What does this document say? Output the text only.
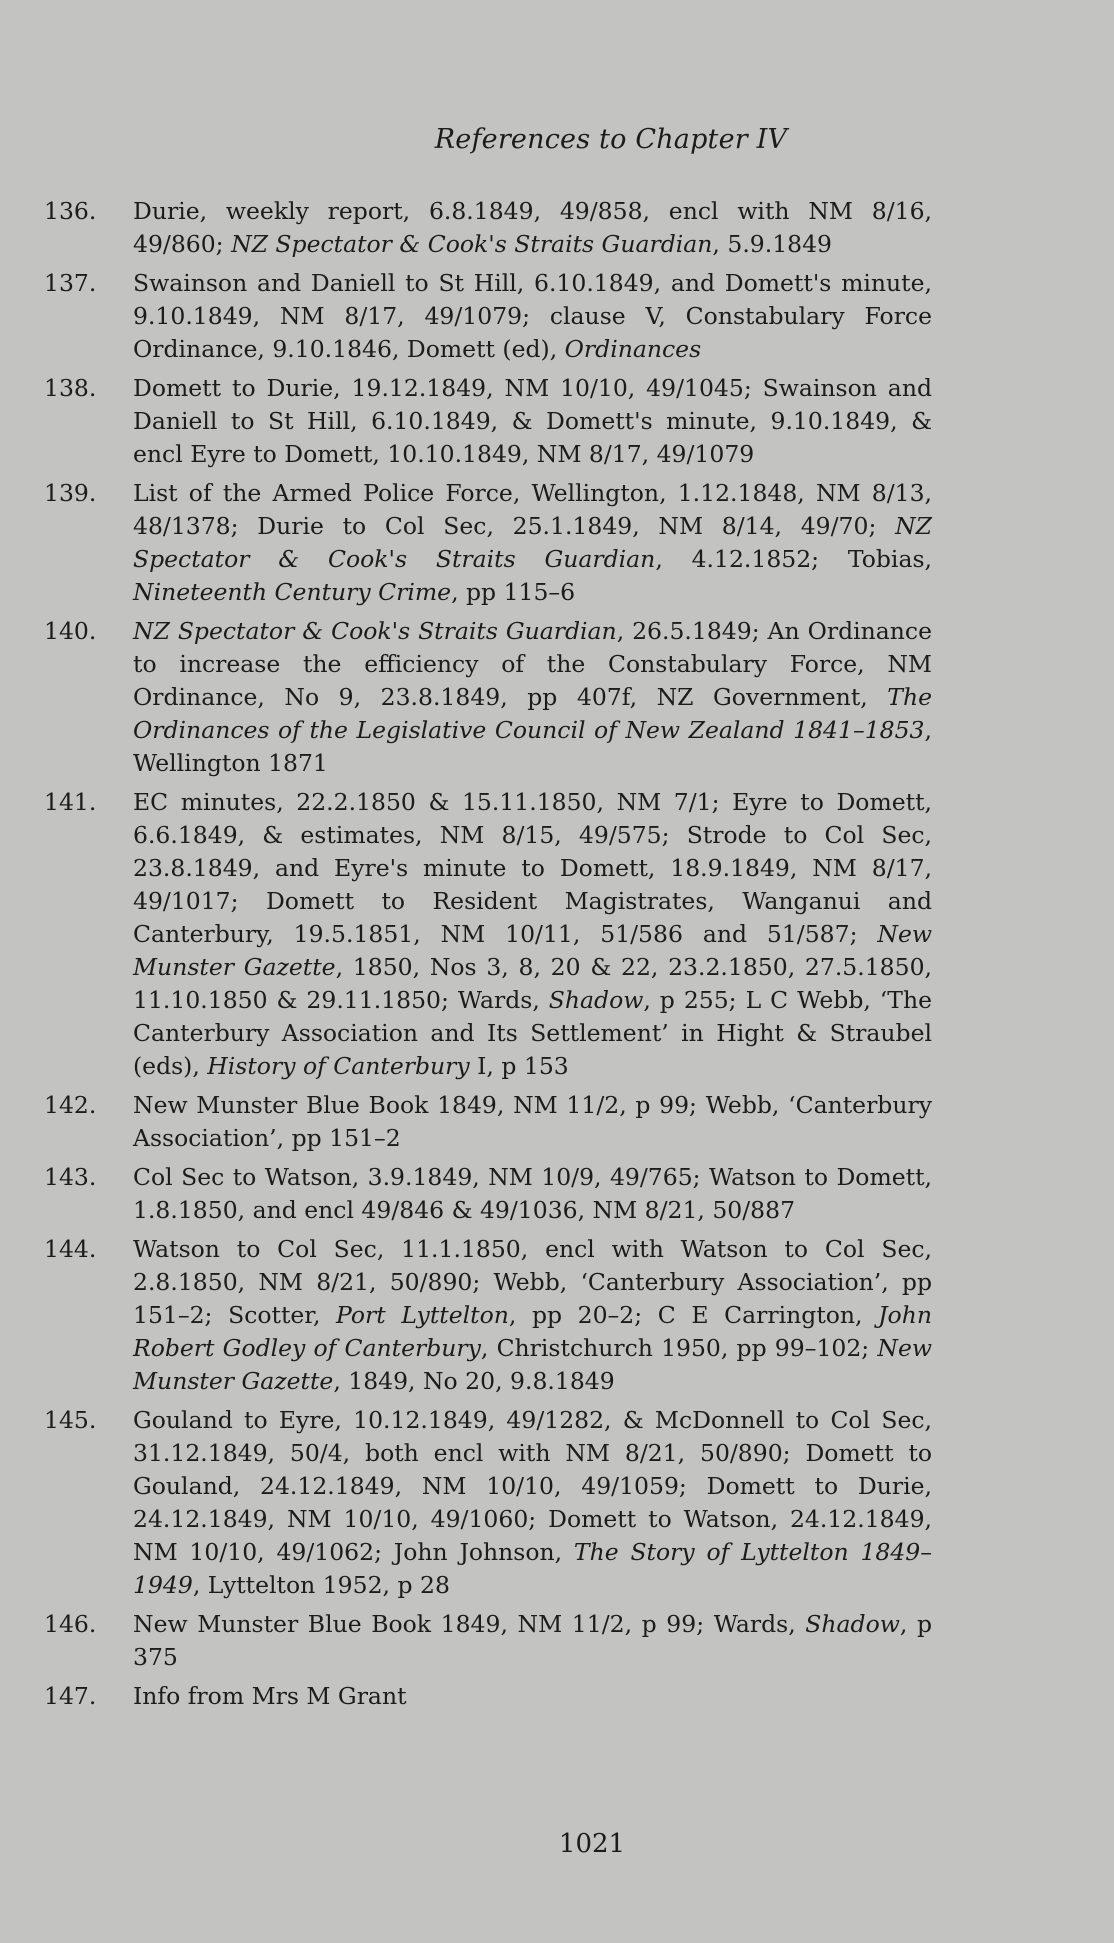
References to Chapter IV
136.	Durie, weekly report, 6.8.1849, 49/858, encl with NM 8/16, 49/860; NZ Spectator & Cook's Straits Guardian, 5.9.1849
137.	Swainson and Daniell to St Hill, 6.10.1849, and Domett's minute, 9.10.1849, NM 8/17, 49/1079; clause V, Constabulary Force Ordinance, 9.10.1846, Domett (ed), Ordinances
138.	Domett to Durie, 19.12.1849, NM 10/10, 49/1045; Swainson and Daniell to St Hill, 6.10.1849, & Domett's minute, 9.10.1849, & encl Eyre to Domett, 10.10.1849, NM 8/17, 49/1079
139.	List of the Armed Police Force, Wellington, 1.12.1848, NM 8/13, 48/1378; Durie to Col Sec, 25.1.1849, NM 8/14, 49/70; NZ Spectator & Cook's Straits Guardian, 4.12.1852; Tobias, Nineteenth Century Crime, pp 115–6
140.	NZ Spectator & Cook's Straits Guardian, 26.5.1849; An Ordinance to increase the efficiency of the Constabulary Force, NM Ordinance, No 9, 23.8.1849, pp 407f, NZ Government, The Ordinances of the Legislative Council of New Zealand 1841–1853, Wellington 1871
141.	EC minutes, 22.2.1850 & 15.11.1850, NM 7/1; Eyre to Domett, 6.6.1849, & estimates, NM 8/15, 49/575; Strode to Col Sec, 23.8.1849, and Eyre's minute to Domett, 18.9.1849, NM 8/17, 49/1017; Domett to Resident Magistrates, Wanganui and Canterbury, 19.5.1851, NM 10/11, 51/586 and 51/587; New Munster Gazette, 1850, Nos 3, 8, 20 & 22, 23.2.1850, 27.5.1850, 11.10.1850 & 29.11.1850; Wards, Shadow, p 255; L C Webb, ‘The Canterbury Association and Its Settlement’ in Hight & Straubel (eds), History of Canterbury I, p 153
142.	New Munster Blue Book 1849, NM 11/2, p 99; Webb, ‘Canterbury Association’, pp 151–2
143.	Col Sec to Watson, 3.9.1849, NM 10/9, 49/765; Watson to Domett, 1.8.1850, and encl 49/846 & 49/1036, NM 8/21, 50/887
144.	Watson to Col Sec, 11.1.1850, encl with Watson to Col Sec, 2.8.1850, NM 8/21, 50/890; Webb, ‘Canterbury Association’, pp 151–2; Scotter, Port Lyttelton, pp 20–2; C E Carrington, John Robert Godley of Canterbury, Christchurch 1950, pp 99–102; New Munster Gazette, 1849, No 20, 9.8.1849
145.	Gouland to Eyre, 10.12.1849, 49/1282, & McDonnell to Col Sec, 31.12.1849, 50/4, both encl with NM 8/21, 50/890; Domett to Gouland, 24.12.1849, NM 10/10, 49/1059; Domett to Durie, 24.12.1849, NM 10/10, 49/1060; Domett to Watson, 24.12.1849, NM 10/10, 49/1062; John Johnson, The Story of Lyttelton 1849–1949, Lyttelton 1952, p 28
146.	New Munster Blue Book 1849, NM 11/2, p 99; Wards, Shadow, p 375
147.	Info from Mrs M Grant
1021
